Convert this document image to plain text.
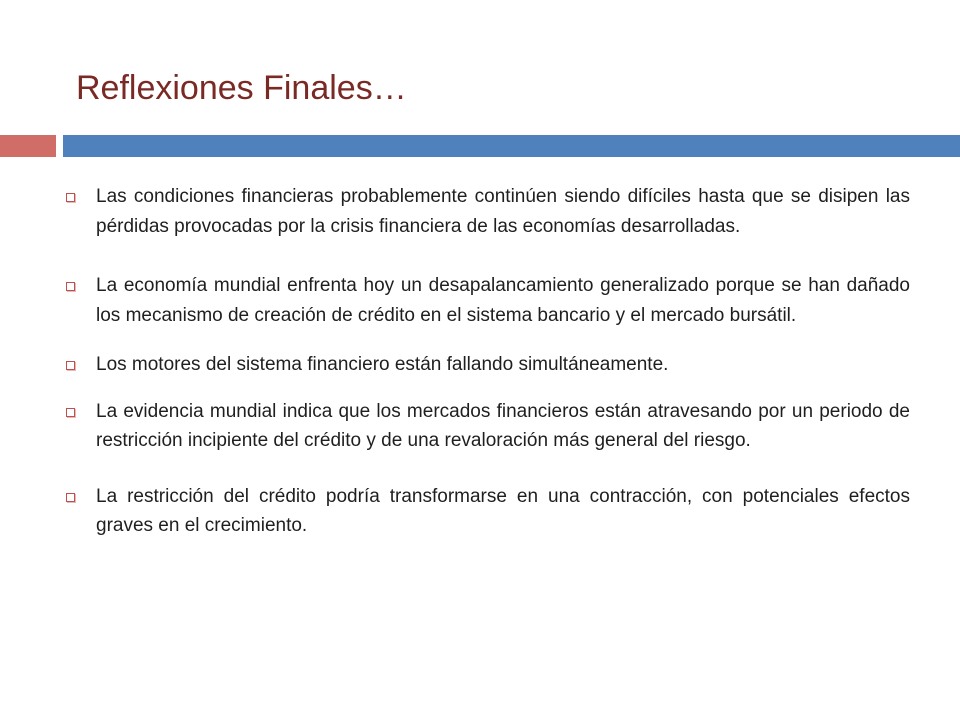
Reflexiones Finales…
Las condiciones financieras probablemente continúen siendo difíciles hasta que se disipen las pérdidas provocadas por la crisis financiera de las economías desarrolladas.
La economía mundial enfrenta hoy un desapalancamiento generalizado porque se han dañado los mecanismo de creación de crédito en el sistema bancario y el mercado bursátil.
Los motores del sistema financiero están fallando simultáneamente.
La evidencia mundial indica que los mercados financieros están atravesando por un periodo de restricción incipiente del crédito y de una revaloración más general del riesgo.
La restricción del crédito podría transformarse en una contracción, con potenciales efectos graves en el crecimiento.
